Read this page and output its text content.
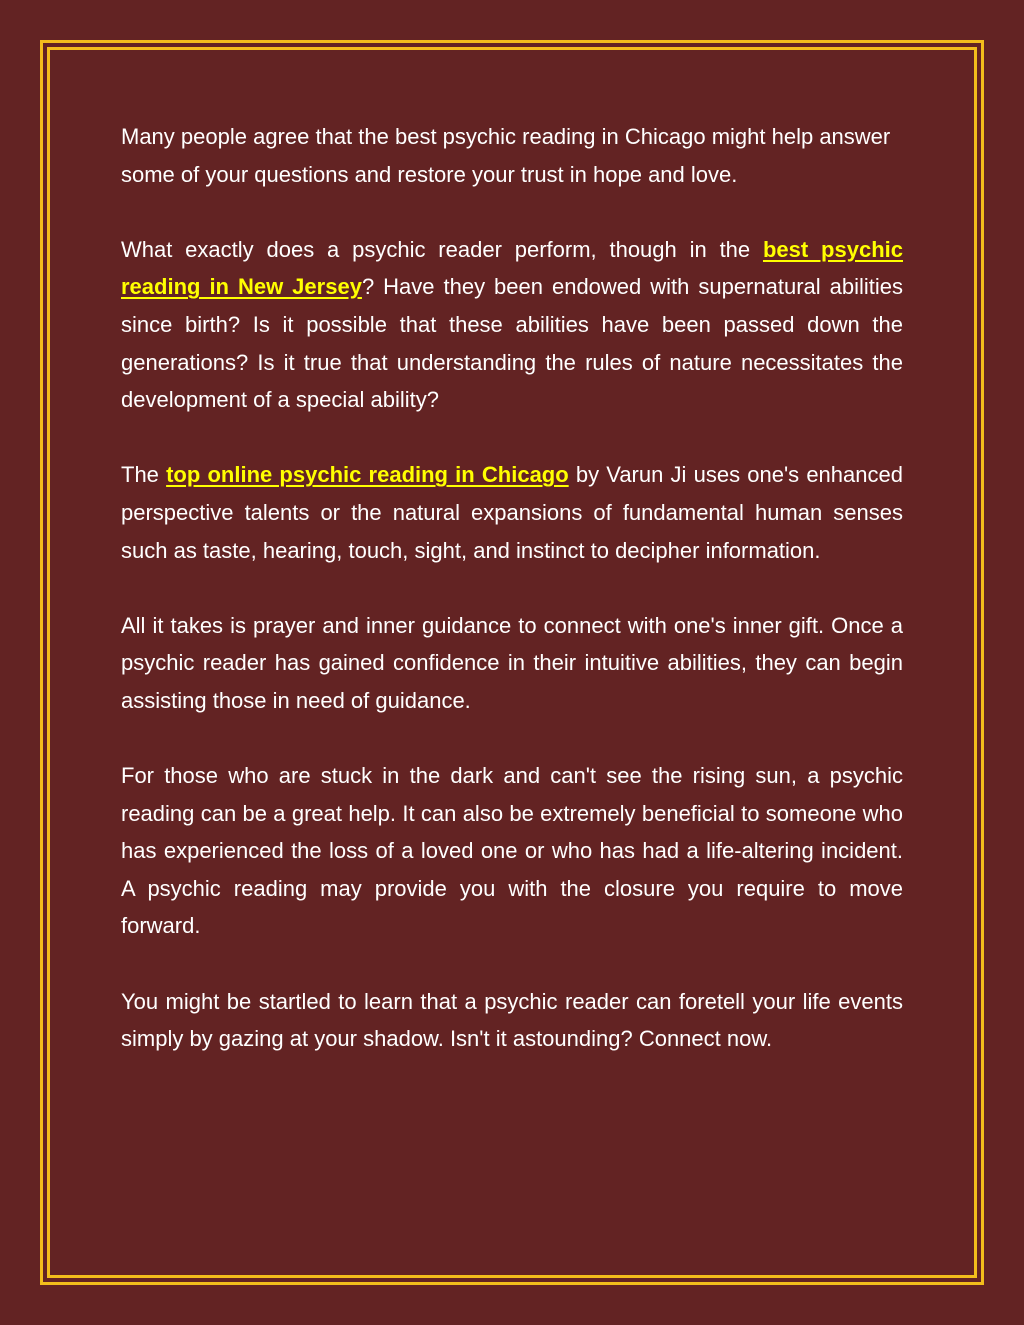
Many people agree that the best psychic reading in Chicago might help answer some of your questions and restore your trust in hope and love.

What exactly does a psychic reader perform, though in the best psychic reading in New Jersey? Have they been endowed with supernatural abilities since birth? Is it possible that these abilities have been passed down the generations? Is it true that understanding the rules of nature necessitates the development of a special ability?

The top online psychic reading in Chicago by Varun Ji uses one's enhanced perspective talents or the natural expansions of fundamental human senses such as taste, hearing, touch, sight, and instinct to decipher information.

All it takes is prayer and inner guidance to connect with one's inner gift. Once a psychic reader has gained confidence in their intuitive abilities, they can begin assisting those in need of guidance.

For those who are stuck in the dark and can't see the rising sun, a psychic reading can be a great help. It can also be extremely beneficial to someone who has experienced the loss of a loved one or who has had a life-altering incident. A psychic reading may provide you with the closure you require to move forward.

You might be startled to learn that a psychic reader can foretell your life events simply by gazing at your shadow. Isn't it astounding? Connect now.
